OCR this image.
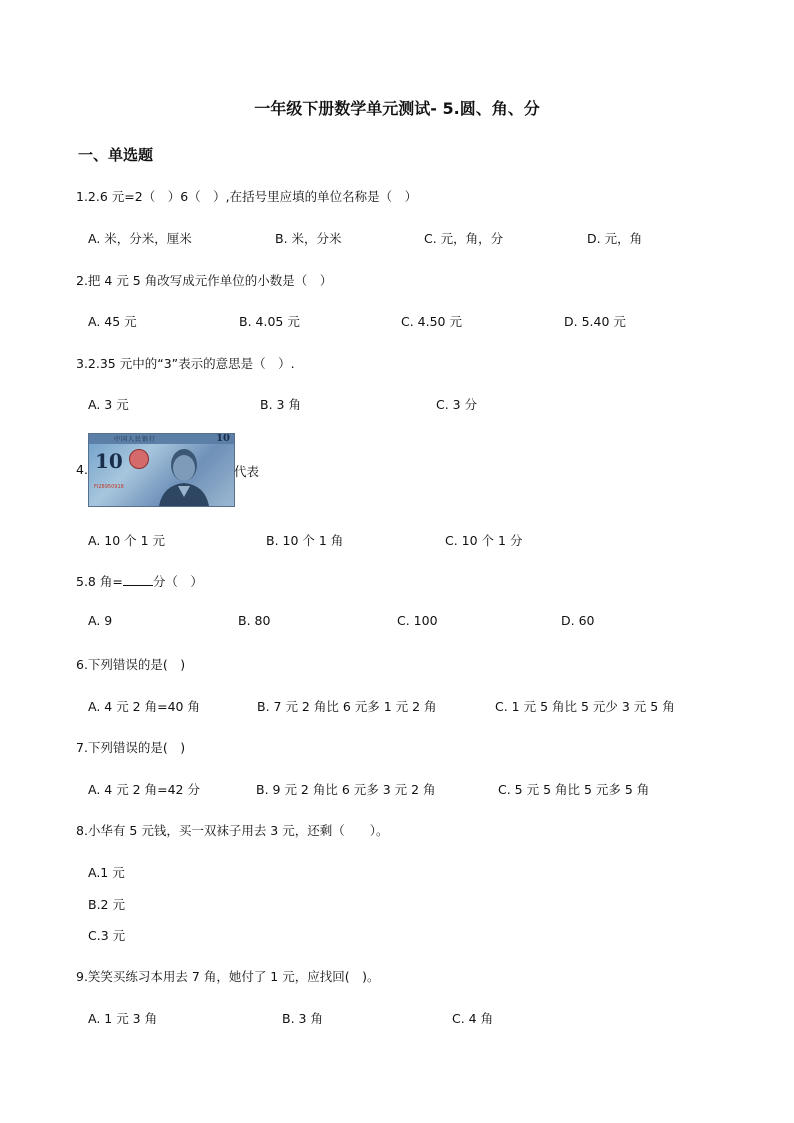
一年级下册数学单元测试- 5.圆、角、分
一、单选题
1.2.6 元=2（　）6（　）,在括号里应填的单位名称是（　）
A. 米，分米，厘米	B. 米，分米	C. 元，角，分	D. 元，角
2.把 4 元 5 角改写成元作单位的小数是（　）
A. 45 元	B. 4.05 元	C. 4.50 元	D. 5.40 元
3.2.35 元中的“3”表示的意思是（　）.
A. 3 元	B. 3 角	C. 3 分
4.
中国人民银行	10
10
FI28950918
代表
A. 10 个 1 元	B. 10 个 1 角	C. 10 个 1 分
5.8 角= 分（　）
A. 9	B. 80	C. 100	D. 60
6.下列错误的是(　)
A. 4 元 2 角=40 角	B. 7 元 2 角比 6 元多 1 元 2 角	C. 1 元 5 角比 5 元少 3 元 5 角
7.下列错误的是(　)
A. 4 元 2 角=42 分	B. 9 元 2 角比 6 元多 3 元 2 角	C. 5 元 5 角比 5 元多 5 角
8.小华有 5 元钱，买一双袜子用去 3 元，还剩（　　）。
A.1 元
B.2 元
C.3 元
9.笑笑买练习本用去 7 角，她付了 1 元，应找回(　)。
A. 1 元 3 角	B. 3 角	C. 4 角
